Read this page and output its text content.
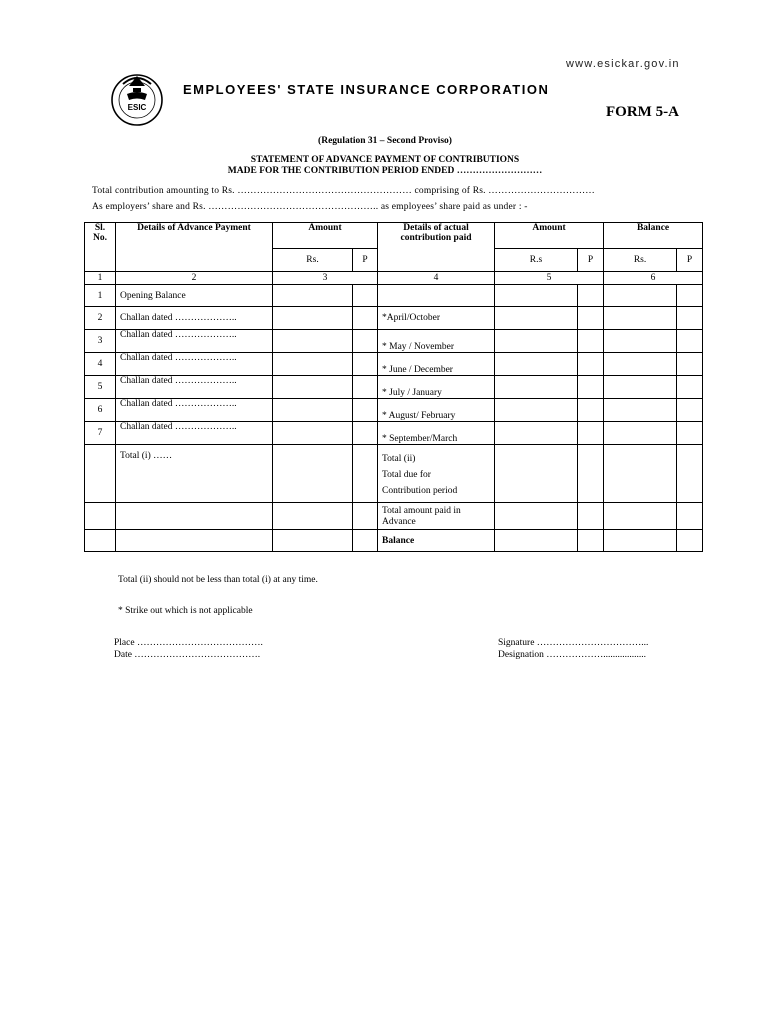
www.esickar.gov.in
ESIC
EMPLOYEES' STATE INSURANCE CORPORATION
FORM 5-A
(Regulation 31 – Second Proviso)
STATEMENT OF ADVANCE PAYMENT OF CONTRIBUTIONS
MADE FOR THE CONTRIBUTION PERIOD ENDED ………………………
Total contribution amounting to Rs. ……………………………………………… comprising of Rs. ……………………………
As employers’ share and Rs. …………………………………………….. as employees’ share paid as under : -
Sl. No.	Details of Advance Payment	Amount		Details of actual contribution paid	Amount		Balance	
		Rs.	P		R.s	P	Rs.	P
1	2	3		4	5		6	
1	Opening Balance							
2	Challan dated ………………..			*April/October				
3	Challan dated ………………..			* May / November				
4	Challan dated ………………..			* June / December				
5	Challan dated ………………..			* July / January				
6	Challan dated ………………..			* August/ February				
7	Challan dated ………………..			* September/March				
	Total (i) ……			Total (ii)
Total due for
Contribution period				

				Total amount paid in
Advance				

				Balance				
Total (ii) should not be less than total (i) at any time.
* Strike out which is not applicable
Place ………………………………….
Date ………………………………….
Signature ……………………………...
Designation ………………..................
